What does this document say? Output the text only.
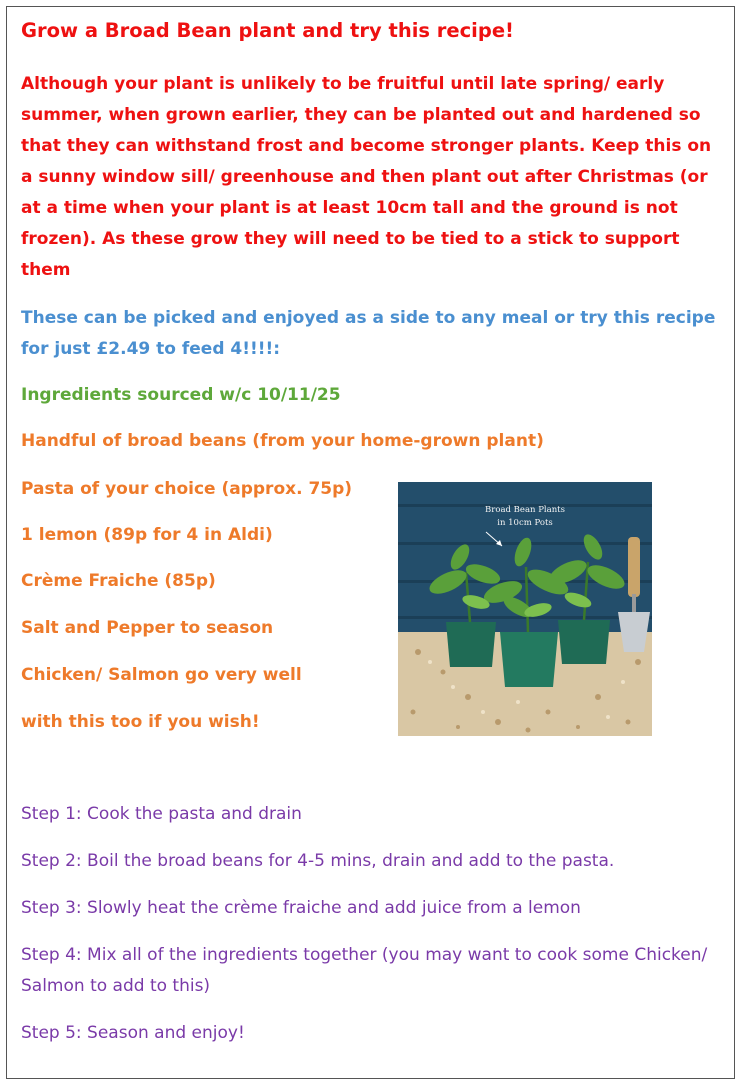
Grow a Broad Bean plant and try this recipe!

Although your plant is unlikely to be fruitful until late spring/ early summer, when grown earlier, they can be planted out and hardened so that they can withstand frost and become stronger plants. Keep this on a sunny window sill/ greenhouse and then plant out after Christmas (or at a time when your plant is at least 10cm tall and the ground is not frozen). As these grow they will need to be tied to a stick to support them

These can be picked and enjoyed as a side to any meal or try this recipe for just £2.49 to feed 4!!!!:

Ingredients sourced w/c 10/11/25

Handful of broad beans (from your home-grown plant)

Pasta of your choice (approx. 75p)

1 lemon (89p for 4 in Aldi)

Crème Fraiche (85p)

Salt and Pepper to season

Chicken/ Salmon go very well

with this too if you wish!

Broad Bean Plants
in 10cm Pots

Step 1: Cook the pasta and drain

Step 2: Boil the broad beans for 4-5 mins, drain and add to the pasta.

Step 3: Slowly heat the crème fraiche and add juice from a lemon

Step 4: Mix all of the ingredients together (you may want to cook some Chicken/ Salmon to add to this)

Step 5: Season and enjoy!
